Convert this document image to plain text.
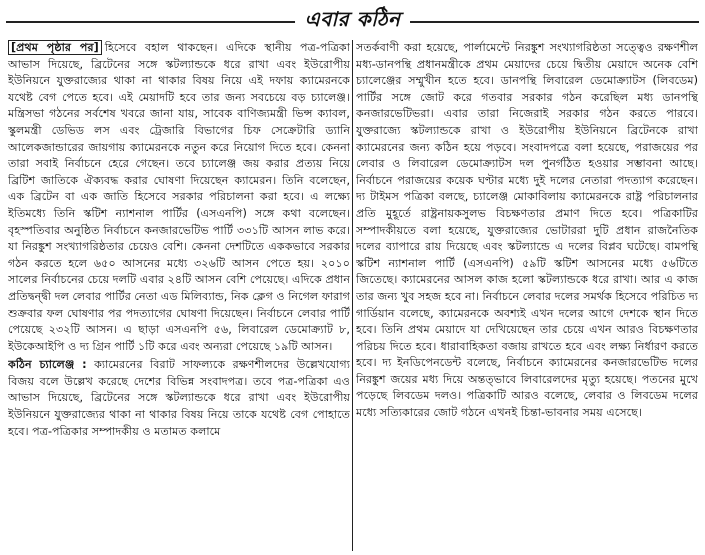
এবার কঠিন

[প্রথম পৃষ্ঠার পর] হিসেবে বহাল থাকছেন। এদিকে স্থানীয় পত্র-পত্রিকা আভাস দিয়েছে, ব্রিটেনের সঙ্গে স্কটল্যান্ডকে ধরে রাখা এবং ইউরোপীয় ইউনিয়নে যুক্তরাজ্যের থাকা না থাকার বিষয় নিয়ে এই দফায় ক্যামেরনকে যথেষ্ট বেগ পেতে হবে। এই মেয়াদটি হবে তার জন্য সবচেয়ে বড় চ্যালেঞ্জ। মন্ত্রিসভা গঠনের সর্বশেষ খবরে জানা যায়, সাবেক বাণিজ্যমন্ত্রী ভিন্স ক্যাবল, স্কুলমন্ত্রী ডেভিড লস এবং ট্রেজারি বিভাগের চিফ সেক্রেটারি ড্যানি আলেকজান্ডারের জায়গায় ক্যামেরনকে নতুন করে নিয়োগ দিতে হবে। কেননা তারা সবাই নির্বাচনে হেরে গেছেন। তবে চ্যালেঞ্জ জয় করার প্রত্যয় নিয়ে ব্রিটিশ জাতিকে ঐক্যবদ্ধ করার ঘোষণা দিয়েছেন ক্যামেরন। তিনি বলেছেন, এক ব্রিটেন বা এক জাতি হিসেবে সরকার পরিচালনা করা হবে। এ লক্ষ্যে ইতিমধ্যে তিনি স্কটিশ ন্যাশনাল পার্টির (এসএনপি) সঙ্গে কথা বলেছেন। বৃহস্পতিবার অনুষ্ঠিত নির্বাচনে কনজারভেটিভ পার্টি ৩৩১টি আসন লাভ করে। যা নিরঙ্কুশ সংখ্যাগরিষ্ঠতার চেয়েও বেশি। কেননা দেশটিতে এককভাবে সরকার গঠন করতে হলে ৬৫০ আসনের মধ্যে ৩২৬টি আসন পেতে হয়। ২০১০ সালের নির্বাচনের চেয়ে দলটি এবার ২৪টি আসন বেশি পেয়েছে। এদিকে প্রধান প্রতিদ্বন্দ্বী দল লেবার পার্টির নেতা এড মিলিব্যান্ড, নিক ক্লেগ ও নিগেল ফারাগ শুক্রবার ফল ঘোষণার পর পদত্যাগের ঘোষণা দিয়েছেন। নির্বাচনে লেবার পার্টি পেয়েছে ২৩২টি আসন। এ ছাড়া এসএনপি ৫৬, লিবারেল ডেমোক্র্যাট ৮, ইউকেআইপি ও দ্য গ্রিন পার্টি ১টি করে এবং অন্যরা পেয়েছে ১৯টি আসন।

কঠিন চ্যালেঞ্জ : ক্যামেরনের বিরাট সাফল্যকে রক্ষণশীলদের উল্লেখযোগ্য বিজয় বলে উল্লেখ করেছে দেশের বিভিন্ন সংবাদপত্র। তবে পত্র-পত্রিকা এও আভাস দিয়েছে, ব্রিটেনের সঙ্গে স্কটল্যান্ডকে ধরে রাখা এবং ইউরোপীয় ইউনিয়নে যুক্তরাজ্যের থাকা না থাকার বিষয় নিয়ে তাকে যথেষ্ট বেগ পোহাতে হবে। পত্র-পত্রিকার সম্পাদকীয় ও মতামত কলামে

সতর্কবাণী করা হয়েছে, পার্লামেন্টে নিরঙ্কুশ সংখ্যাগরিষ্ঠতা সত্ত্বেও রক্ষণশীল মধ্য-ডানপন্থি প্রধানমন্ত্রীকে প্রথম মেয়াদের চেয়ে দ্বিতীয় মেয়াদে অনেক বেশি চ্যালেঞ্জের সম্মুখীন হতে হবে। ডানপন্থি লিবারেল ডেমোক্র্যাটস (লিবডেম) পার্টির সঙ্গে জোট করে গতবার সরকার গঠন করেছিল মধ্য ডানপন্থি কনজারভেটিভরা। এবার তারা নিজেরাই সরকার গঠন করতে পারবে। যুক্তরাজ্যে স্কটল্যান্ডকে রাখা ও ইউরোপীয় ইউনিয়নে ব্রিটেনকে রাখা ক্যামেরনের জন্য কঠিন হয়ে পড়বে। সংবাদপত্রে বলা হয়েছে, পরাজয়ের পর লেবার ও লিবারেল ডেমোক্র্যাটস দল পুনর্গঠিত হওয়ার সম্ভাবনা আছে। নির্বাচনে পরাজয়ের কয়েক ঘণ্টার মধ্যে দুই দলের নেতারা পদত্যাগ করেছেন। দ্য টাইমস পত্রিকা বলছে, চ্যালেঞ্জ মোকাবিলায় ক্যামেরনকে রাষ্ট্র পরিচালনার প্রতি মুহূর্তে রাষ্ট্রনায়কসুলভ বিচক্ষণতার প্রমাণ দিতে হবে। পত্রিকাটির সম্পাদকীয়তে বলা হয়েছে, যুক্তরাজ্যের ভোটাররা দুটি প্রধান রাজনৈতিক দলের ব্যাপারে রায় দিয়েছে এবং স্কটল্যান্ডে এ দলের বিপ্লব ঘটেছে। বামপন্থি স্কটিশ ন্যাশনাল পার্টি (এসএনপি) ৫৯টি স্কটিশ আসনের মধ্যে ৫৬টিতে জিতেছে। ক্যামেরনের আসল কাজ হলো স্কটল্যান্ডকে ধরে রাখা। আর এ কাজ তার জন্য খুব সহজ হবে না। নির্বাচনে লেবার দলের সমর্থক হিসেবে পরিচিত দ্য গার্ডিয়ান বলেছে, ক্যামেরনকে অবশ্যই এখন দলের আগে দেশকে স্থান দিতে হবে। তিনি প্রথম মেয়াদে যা দেখিয়েছেন তার চেয়ে এখন আরও বিচক্ষণতার পরিচয় দিতে হবে। ধারাবাহিকতা বজায় রাখতে হবে এবং লক্ষ্য নির্ধারণ করতে হবে। দ্য ইনডিপেনডেন্ট বলেছে, নির্বাচনে ক্যামেরনের কনজারভেটিভ দলের নিরঙ্কুশ জয়ের মধ্য দিয়ে অন্তত্ভাবে লিবারেলদের মৃত্যু হয়েছে। পতনের মুখে পড়েছে লিবডেম দলও। পত্রিকাটি আরও বলেছে, লেবার ও লিবডেম দলের মধ্যে সত্যিকারের জোট গঠনে এখনই চিন্তা-ভাবনার সময় এসেছে।
